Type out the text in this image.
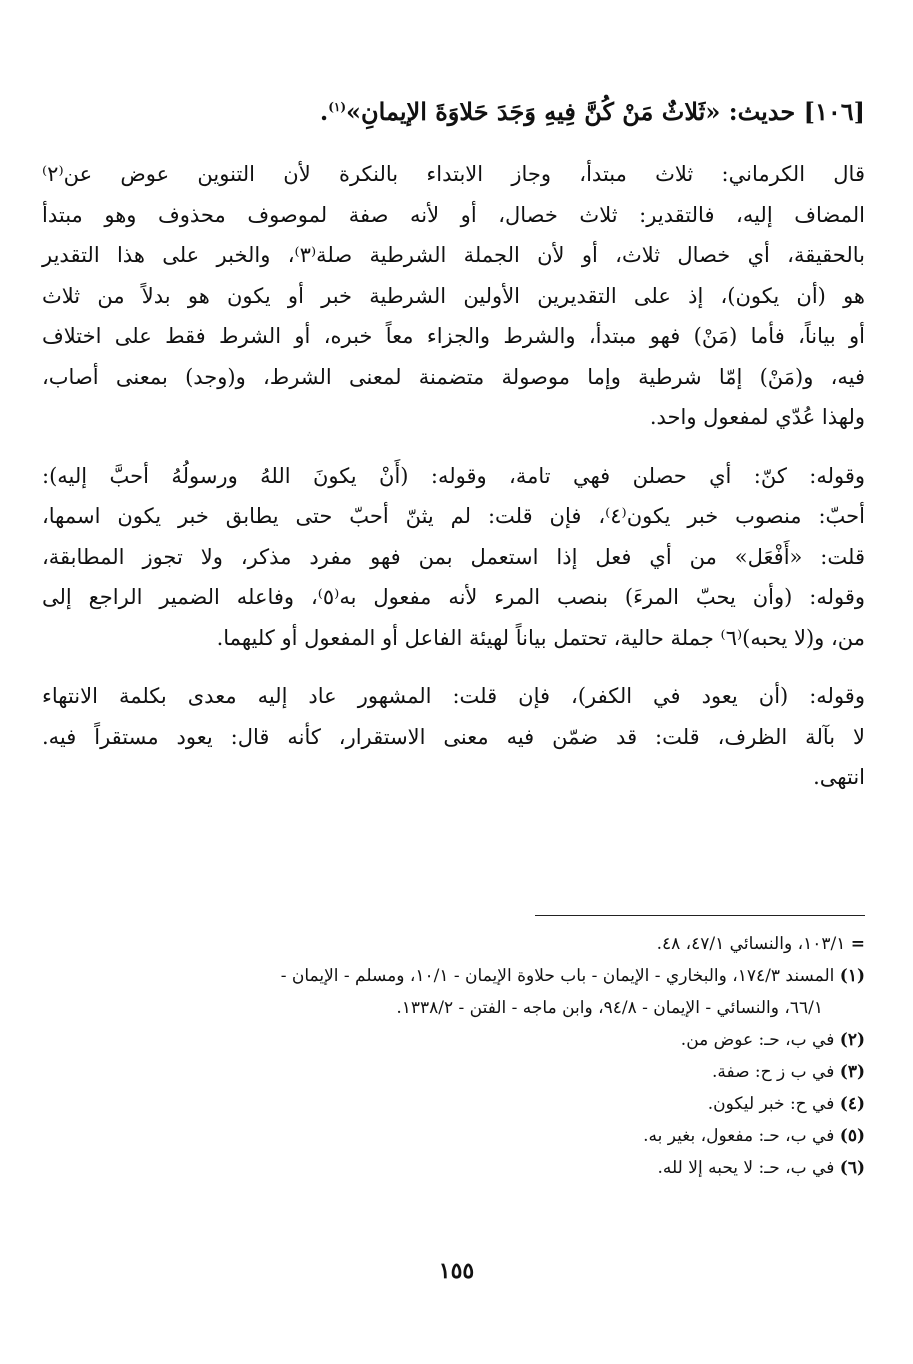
[١٠٦] حديث: «ثَلاثٌ مَنْ كُنَّ فِيهِ وَجَدَ حَلاوَةَ الإيمانِ»$^{(١)}$.
قال الكرماني: ثلاث مبتدأ، وجاز الابتداء بالنكرة لأن التنوين عوض عن⁽٢⁾
المضاف إليه، فالتقدير: ثلاث خصال، أو لأنه صفة لموصوف محذوف وهو مبتدأ
بالحقيقة، أي خصال ثلاث، أو لأن الجملة الشرطية صلة⁽٣⁾، والخبر على هذا التقدير
هو (أن يكون)، إذ على التقديرين الأولين الشرطية خبر أو يكون هو بدلاً من ثلاث
أو بياناً، فأما (مَنْ) فهو مبتدأ، والشرط والجزاء معاً خبره، أو الشرط فقط على اختلاف
فيه، و(مَنْ) إمّا شرطية وإما موصولة متضمنة لمعنى الشرط، و(وجد) بمعنى أصاب،
ولهذا عُدّي لمفعول واحد.
وقوله: كنّ: أي حصلن فهي تامة، وقوله: (أَنْ يكونَ اللهُ ورسولُهُ أحبَّ إليه):
أحبّ: منصوب خبر يكون⁽٤⁾، فإن قلت: لم يثنّ أحبّ حتى يطابق خبر يكون اسمها،
قلت: «أَفْعَل» من أي فعل إذا استعمل بمن فهو مفرد مذكر، ولا تجوز المطابقة،
وقوله: (وأن يحبّ المرءَ) بنصب المرء لأنه مفعول به⁽٥⁾، وفاعله الضمير الراجع إلى
من، و(لا يحبه)⁽٦⁾ جملة حالية، تحتمل بياناً لهيئة الفاعل أو المفعول أو كليهما.
وقوله: (أن يعود في الكفر)، فإن قلت: المشهور عاد إليه معدى بكلمة الانتهاء
لا بآلة الظرف، قلت: قد ضمّن فيه معنى الاستقرار، كأنه قال: يعود مستقراً فيه.
انتهى.
= ١٠٣/١، والنسائي ٤٧/١، ٤٨.
(١) المسند ١٧٤/٣، والبخاري - الإيمان - باب حلاوة الإيمان - ١٠/١، ومسلم - الإيمان -
٦٦/١، والنسائي - الإيمان - ٩٤/٨، وابن ماجه - الفتن - ١٣٣٨/٢.
(٢) في ب، حـ: عوض من.
(٣) في ب ز ح: صفة.
(٤) في ح: خبر ليكون.
(٥) في ب، حـ: مفعول، بغير به.
(٦) في ب، حـ: لا يحبه إلا لله.
١٥٥
